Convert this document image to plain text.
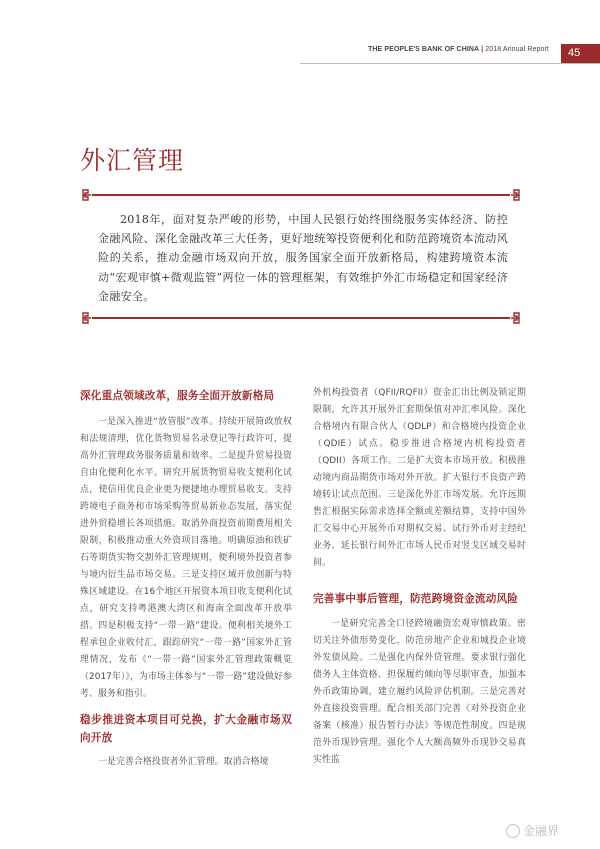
THE PEOPLE'S BANK OF CHINA | 2018 Annual Report	45
外汇管理
2018年，面对复杂严峻的形势，中国人民银行始终围绕服务实体经济、防控金融风险、深化金融改革三大任务，更好地统筹投资便利化和防范跨境资本流动风险的关系，推动金融市场双向开放，服务国家全面开放新格局，构建跨境资本流动“宏观审慎+微观监管”两位一体的管理框架，有效维护外汇市场稳定和国家经济金融安全。

深化重点领域改革，服务全面开放新格局

一是深入推进“放管服”改革。持续开展简政放权和法规清理，优化货物贸易名录登记等行政许可，提高外汇管理政务服务质量和效率。二是提升贸易投资自由化便利化水平。研究开展货物贸易收支便利化试点，使信用优良企业更为便捷地办理贸易收支。支持跨境电子商务和市场采购等贸易新业态发展，落实促进外贸稳增长各项措施。取消外商投资前期费用相关限制，积极推动重大外资项目落地。明确原油和铁矿石等期货实物交割外汇管理规则，便利境外投资者参与境内衍生品市场交易。三是支持区域开放创新与特殊区域建设。在16个地区开展资本项目收支便利化试点，研究支持粤港澳大湾区和海南全面改革开放举措。四是积极支持“一带一路”建设。便利相关境外工程承包企业收付汇，跟踪研究“一带一路”国家外汇管理情况，发布《“一带一路”国家外汇管理政策概览（2017年）》，为市场主体参与“一带一路”建设做好参考、服务和指引。

稳步推进资本项目可兑换，扩大金融市场双向开放

一是完善合格投资者外汇管理。取消合格境

外机构投资者（QFII/RQFII）资金汇出比例及锁定期限制，允许其开展外汇套期保值对冲汇率风险。深化合格境内有限合伙人（QDLP）和合格境内投资企业（QDIE）试点。稳步推进合格境内机构投资者（QDII）各项工作。二是扩大资本市场开放。积极推动境内商品期货市场对外开放。扩大银行不良资产跨境转让试点范围。三是深化外汇市场发展。允许远期售汇根据实际需求选择全额或差额结算，支持中国外汇交易中心开展外币对期权交易、试行外币对主经纪业务、延长银行间外汇市场人民币对竖戈区域交易时间。

完善事中事后管理，防范跨境资金流动风险

一是研究完善全口径跨境融资宏观审慎政策。密切关注外债形势变化，防范房地产企业和城投企业境外发债风险。二是强化内保外贷管理。要求银行强化债务人主体资格、担保履约倾向等尽职审查，加强本外币政策协调，建立履约风险评估机制。三是完善对外直接投资管理。配合相关部门完善《对外投资企业备案（核准）报告暂行办法》等规范性制度。四是规范外币现钞管理。强化个人大额高频外币现钞交易真实性监

金融界
